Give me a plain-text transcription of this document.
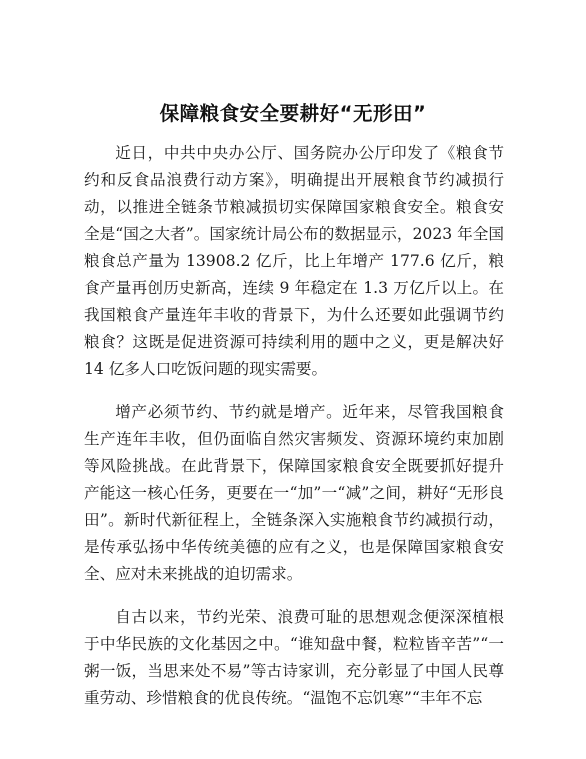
保障粮食安全要耕好“无形田”

近日，中共中央办公厅、国务院办公厅印发了《粮食节约和反食品浪费行动方案》，明确提出开展粮食节约减损行动，以推进全链条节粮减损切实保障国家粮食安全。粮食安全是“国之大者”。国家统计局公布的数据显示，2023 年全国粮食总产量为 13908.2 亿斤，比上年增产 177.6 亿斤，粮食产量再创历史新高，连续 9 年稳定在 1.3 万亿斤以上。在我国粮食产量连年丰收的背景下，为什么还要如此强调节约粮食？这既是促进资源可持续利用的题中之义，更是解决好 14 亿多人口吃饭问题的现实需要。

增产必须节约、节约就是增产。近年来，尽管我国粮食生产连年丰收，但仍面临自然灾害频发、资源环境约束加剧等风险挑战。在此背景下，保障国家粮食安全既要抓好提升产能这一核心任务，更要在一“加”一“减”之间，耕好“无形良田”。新时代新征程上，全链条深入实施粮食节约减损行动，是传承弘扬中华传统美德的应有之义，也是保障国家粮食安全、应对未来挑战的迫切需求。

自古以来，节约光荣、浪费可耻的思想观念便深深植根于中华民族的文化基因之中。“谁知盘中餐，粒粒皆辛苦”“一粥一饭，当思来处不易”等古诗家训，充分彰显了中国人民尊重劳动、珍惜粮食的优良传统。“温饱不忘饥寒”“丰年不忘
